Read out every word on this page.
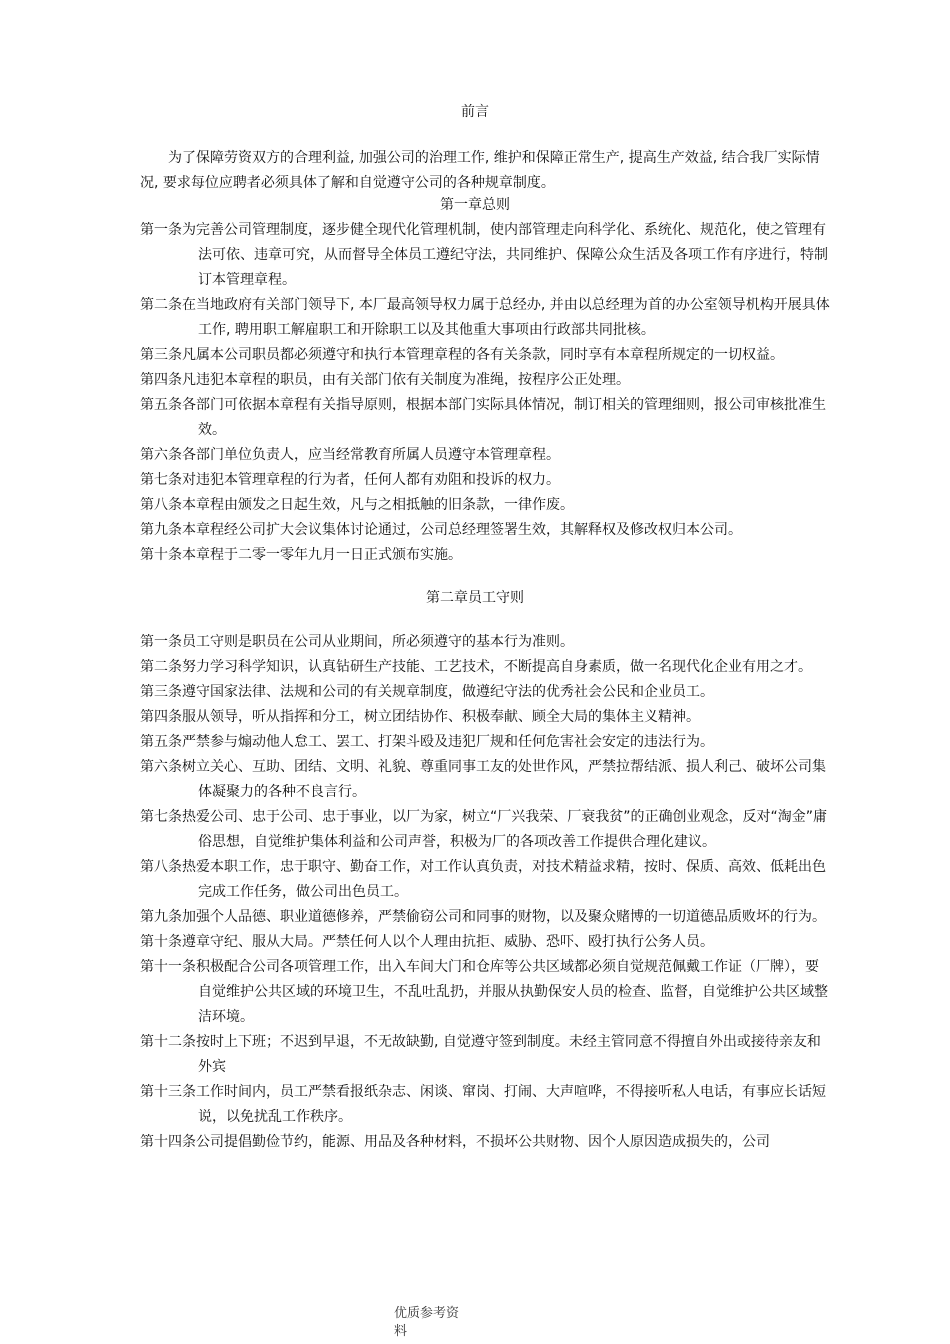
前言
为了保障劳资双方的合理利益, 加强公司的治理工作, 维护和保障正常生产, 提高生产效益, 结合我厂实际情况, 要求每位应聘者必须具体了解和自觉遵守公司的各种规章制度。
第一章总则

第一条为完善公司管理制度，逐步健全现代化管理机制，使内部管理走向科学化、系统化、规范化，使之管理有法可依、违章可究，从而督导全体员工遵纪守法，共同维护、保障公众生活及各项工作有序进行，特制订本管理章程。

第二条在当地政府有关部门领导下, 本厂最高领导权力属于总经办, 并由以总经理为首的办公室领导机构开展具体工作, 聘用职工解雇职工和开除职工以及其他重大事项由行政部共同批核。

第三条凡属本公司职员都必须遵守和执行本管理章程的各有关条款，同时享有本章程所规定的一切权益。

第四条凡违犯本章程的职员，由有关部门依有关制度为准绳，按程序公正处理。

第五条各部门可依据本章程有关指导原则，根据本部门实际具体情况，制订相关的管理细则，报公司审核批准生效。

第六条各部门单位负责人，应当经常教育所属人员遵守本管理章程。

第七条对违犯本管理章程的行为者，任何人都有劝阻和投诉的权力。

第八条本章程由颁发之日起生效，凡与之相抵触的旧条款，一律作废。

第九条本章程经公司扩大会议集体讨论通过，公司总经理签署生效，其解释权及修改权归本公司。

第十条本章程于二零一零年九月一日正式颁布实施。

第二章员工守则

第一条员工守则是职员在公司从业期间，所必须遵守的基本行为准则。

第二条努力学习科学知识，认真钻研生产技能、工艺技术，不断提高自身素质，做一名现代化企业有用之才。

第三条遵守国家法律、法规和公司的有关规章制度，做遵纪守法的优秀社会公民和企业员工。

第四条服从领导，听从指挥和分工，树立团结协作、积极奉献、顾全大局的集体主义精神。

第五条严禁参与煽动他人怠工、罢工、打架斗殴及违犯厂规和任何危害社会安定的违法行为。

第六条树立关心、互助、团结、文明、礼貌、尊重同事工友的处世作风，严禁拉帮结派、损人利己、破坏公司集体凝聚力的各种不良言行。

第七条热爱公司、忠于公司、忠于事业，以厂为家，树立“厂兴我荣、厂衰我贫”的正确创业观念，反对“淘金”庸俗思想，自觉维护集体利益和公司声誉，积极为厂的各项改善工作提供合理化建议。

第八条热爱本职工作，忠于职守、勤奋工作，对工作认真负责，对技术精益求精，按时、保质、高效、低耗出色完成工作任务，做公司出色员工。

第九条加强个人品德、职业道德修养，严禁偷窃公司和同事的财物，以及聚众赌博的一切道德品质败坏的行为。

第十条遵章守纪、服从大局。严禁任何人以个人理由抗拒、威胁、恐吓、殴打执行公务人员。

第十一条积极配合公司各项管理工作，出入车间大门和仓库等公共区域都必须自觉规范佩戴工作证（厂牌），要自觉维护公共区域的环境卫生，不乱吐乱扔，并服从执勤保安人员的检查、监督，自觉维护公共区域整洁环境。

第十二条按时上下班；不迟到早退，不无故缺勤, 自觉遵守签到制度。未经主管同意不得擅自外出或接待亲友和外宾

第十三条工作时间内，员工严禁看报纸杂志、闲谈、窜岗、打闹、大声喧哗，不得接听私人电话，有事应长话短说，以免扰乱工作秩序。

第十四条公司提倡勤俭节约，能源、用品及各种材料，不损坏公共财物、因个人原因造成损失的，公司

优质参考资
料
